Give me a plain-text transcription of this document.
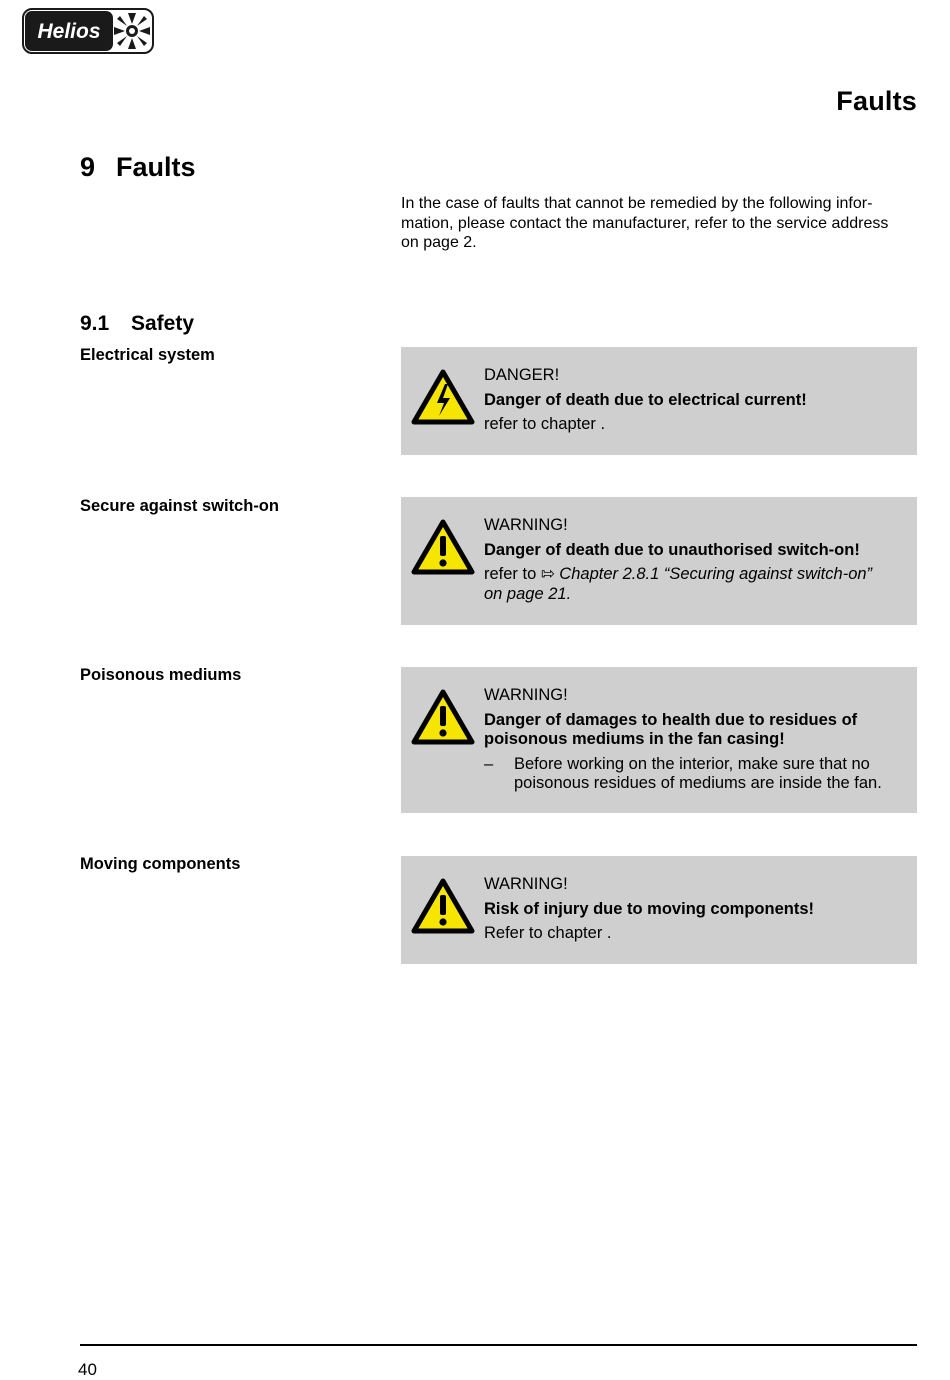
Helios
Faults
9 Faults
In the case of faults that cannot be remedied by the following infor-
mation, please contact the manufacturer, refer to the service address
on page 2.
9.1 Safety
Electrical system
DANGER!
Danger of death due to electrical current!
refer to chapter .
Secure against switch-on
WARNING!
Danger of death due to unauthorised switch-on!
refer to ⇰ Chapter 2.8.1 “Securing against switch-on”
on page 21.
Poisonous mediums
WARNING!
Danger of damages to health due to residues of poisonous mediums in the fan casing!
–	Before working on the interior, make sure that no poisonous residues of mediums are inside the fan.
Moving components
WARNING!
Risk of injury due to moving components!
Refer to chapter .
40
